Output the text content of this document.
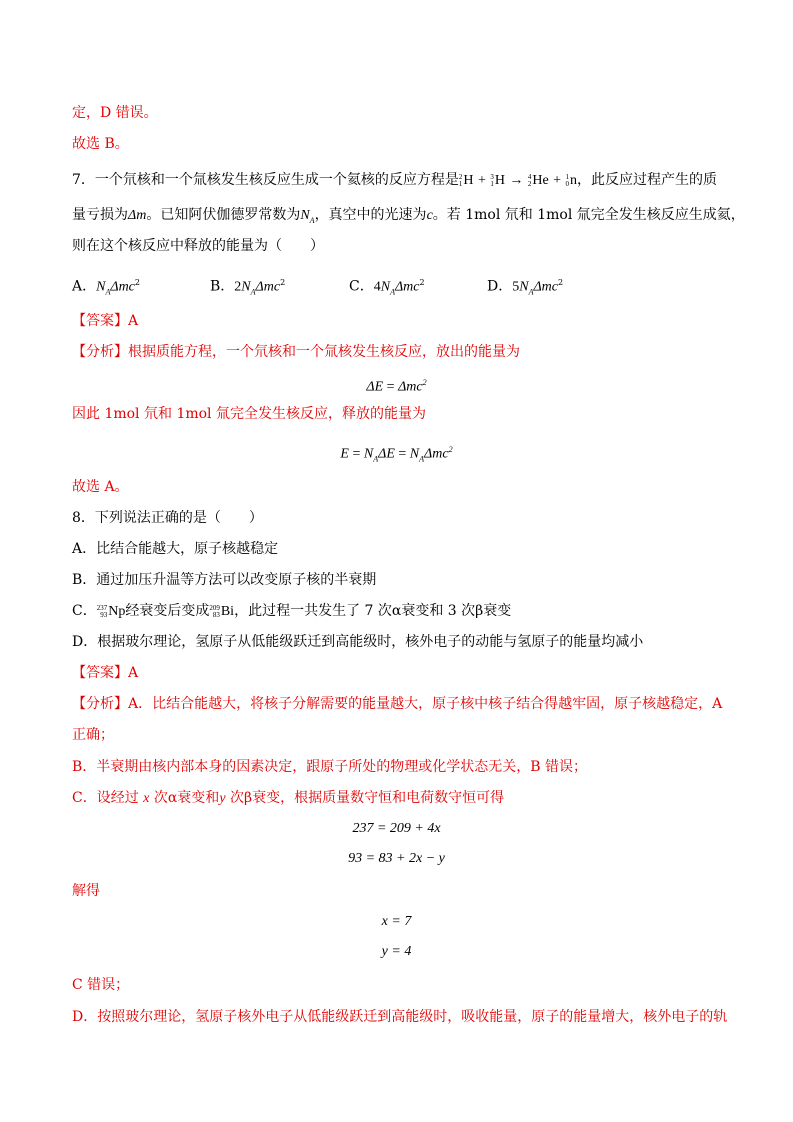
定，D 错误。
故选 B。
7．一个氘核和一个氚核发生核反应生成一个氦核的反应方程是 2
1 H + 3
1 H → 4
2 He + 1
0 n，此反应过程产生的质
量亏损为Δm。已知阿伏伽德罗常数为$N_A$，真空中的光速为c。若 1mol 氘和 1mol 氚完全发生核反应生成氦，
则在这个核反应中释放的能量为（　　）
A．$N_A\Delta mc^2$	B．$2N_A\Delta mc^2$	C．$4N_A\Delta mc^2$	D．$5N_A\Delta mc^2$
【答案】A
【分析】根据质能方程，一个氘核和一个氚核发生核反应，放出的能量为
ΔE = Δmc$^2$
因此 1mol 氘和 1mol 氚完全发生核反应，释放的能量为
$E = N_A\Delta E = N_A\Delta mc^2$
故选 A。
8．下列说法正确的是（　　）
A．比结合能越大，原子核越稳定
B．通过加压升温等方法可以改变原子核的半衰期
C． 237
93 Np经衰变后变成 209
83 Bi，此过程一共发生了 7 次α衰变和 3 次β衰变
D．根据玻尔理论，氢原子从低能级跃迁到高能级时，核外电子的动能与氢原子的能量均减小
【答案】A
【分析】A．比结合能越大，将核子分解需要的能量越大，原子核中核子结合得越牢固，原子核越稳定，A
正确；
B．半衰期由核内部本身的因素决定，跟原子所处的物理或化学状态无关，B 错误；
C．设经过 x 次α衰变和y 次β衰变，根据质量数守恒和电荷数守恒可得
237 = 209 + 4x
93 = 83 + 2x − y
解得
x = 7
y = 4
C 错误；
D．按照玻尔理论，氢原子核外电子从低能级跃迁到高能级时，吸收能量，原子的能量增大，核外电子的轨
